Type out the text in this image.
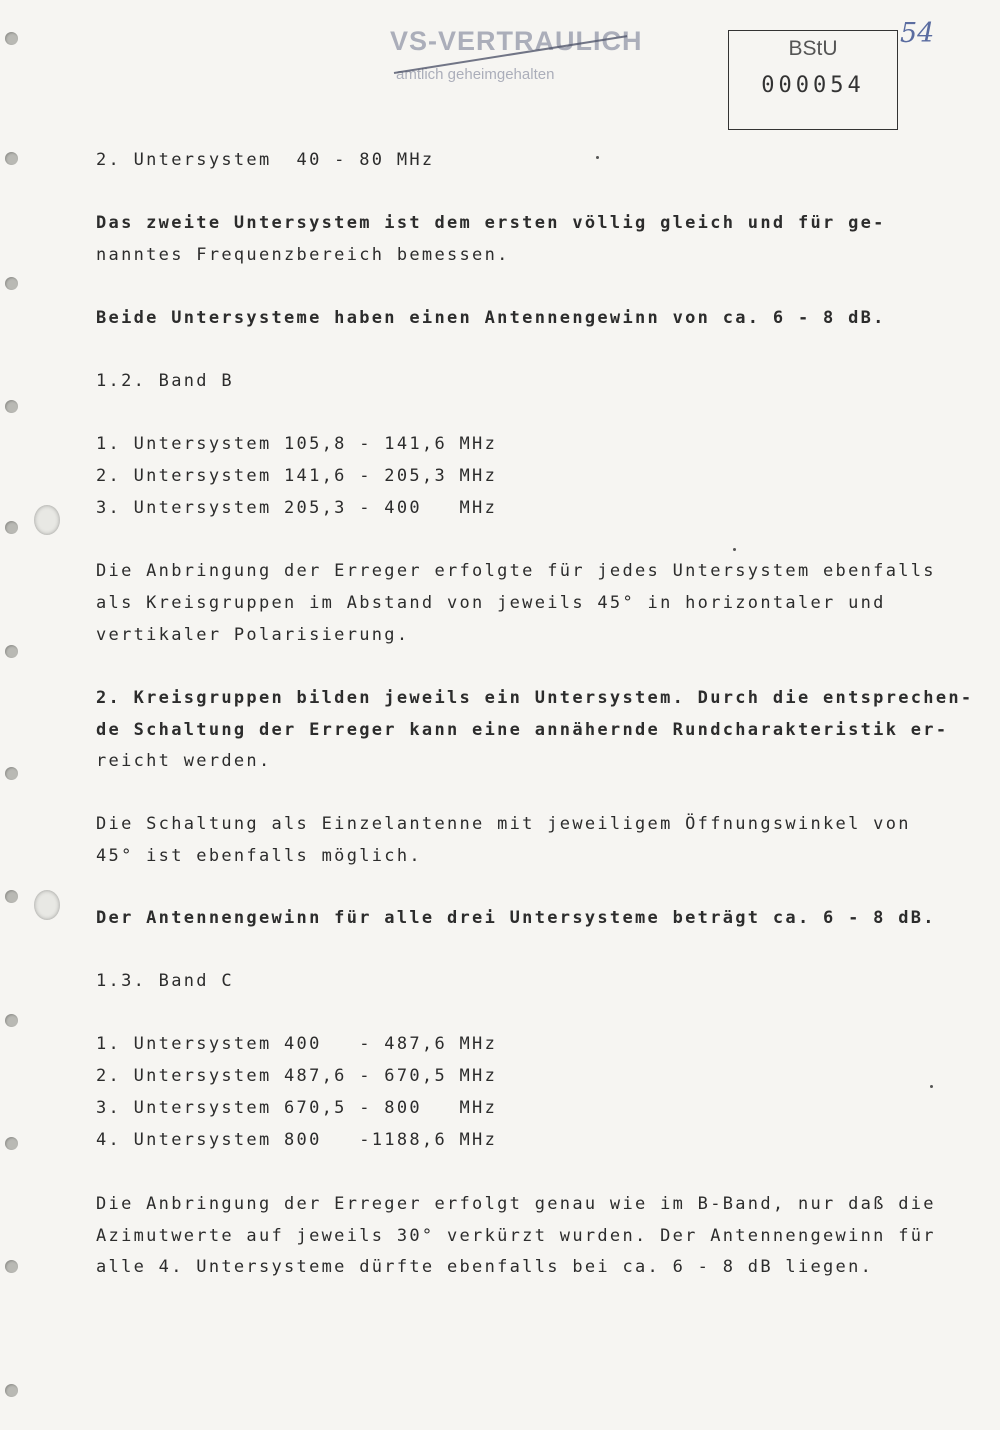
VS-VERTRAULICH
amtlich geheimgehalten
BStU
000054
54
2. Untersystem  40 - 80 MHz
Das zweite Untersystem ist dem ersten völlig gleich und für ge-
nanntes Frequenzbereich bemessen.
Beide Untersysteme haben einen Antennengewinn von ca. 6 - 8 dB.
1.2. Band B
1. Untersystem 105,8 - 141,6 MHz
2. Untersystem 141,6 - 205,3 MHz
3. Untersystem 205,3 - 400   MHz
Die Anbringung der Erreger erfolgte für jedes Untersystem ebenfalls
als Kreisgruppen im Abstand von jeweils 45° in horizontaler und
vertikaler Polarisierung.
2. Kreisgruppen bilden jeweils ein Untersystem. Durch die entsprechen-
de Schaltung der Erreger kann eine annähernde Rundcharakteristik er-
reicht werden.
Die Schaltung als Einzelantenne mit jeweiligem Öffnungswinkel von
45° ist ebenfalls möglich.
Der Antennengewinn für alle drei Untersysteme beträgt ca. 6 - 8 dB.
1.3. Band C
1. Untersystem 400   - 487,6 MHz
2. Untersystem 487,6 - 670,5 MHz
3. Untersystem 670,5 - 800   MHz
4. Untersystem 800   -1188,6 MHz
Die Anbringung der Erreger erfolgt genau wie im B-Band, nur daß die
Azimutwerte auf jeweils 30° verkürzt wurden. Der Antennengewinn für
alle 4. Untersysteme dürfte ebenfalls bei ca. 6 - 8 dB liegen.
